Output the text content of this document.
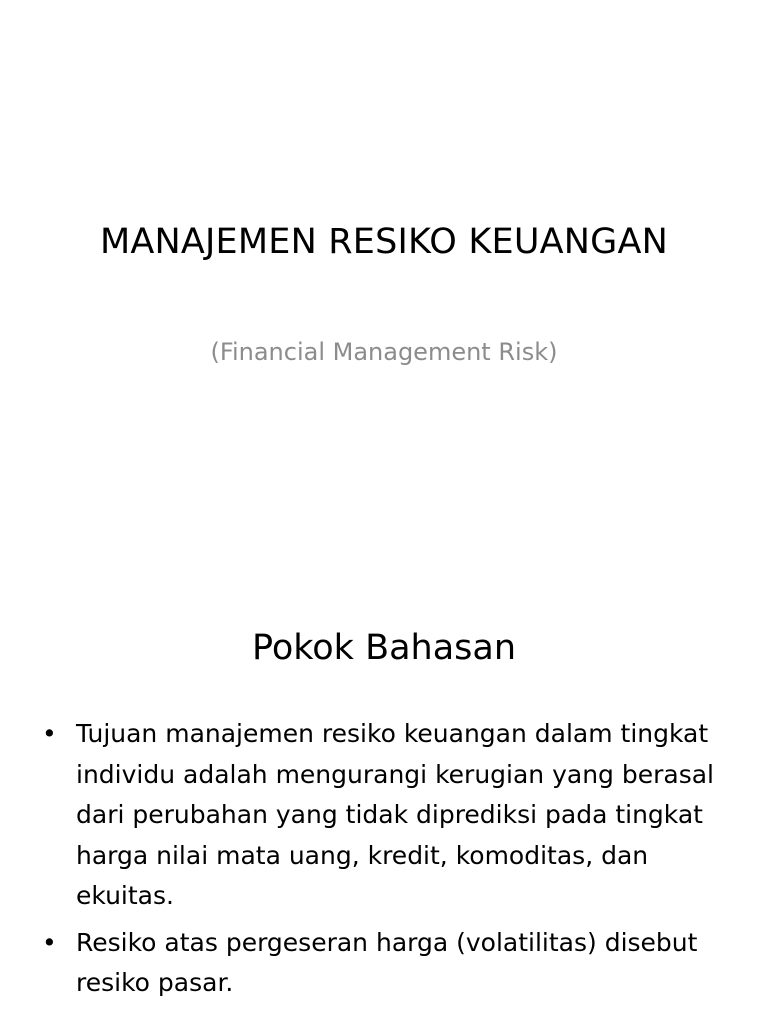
MANAJEMEN RESIKO KEUANGAN

(Financial Management Risk)

Pokok Bahasan
• Tujuan manajemen resiko keuangan dalam tingkat individu adalah mengurangi kerugian yang berasal dari perubahan yang tidak diprediksi pada tingkat harga nilai mata uang, kredit, komoditas, dan ekuitas.
• Resiko atas pergeseran harga (volatilitas) disebut resiko pasar.
